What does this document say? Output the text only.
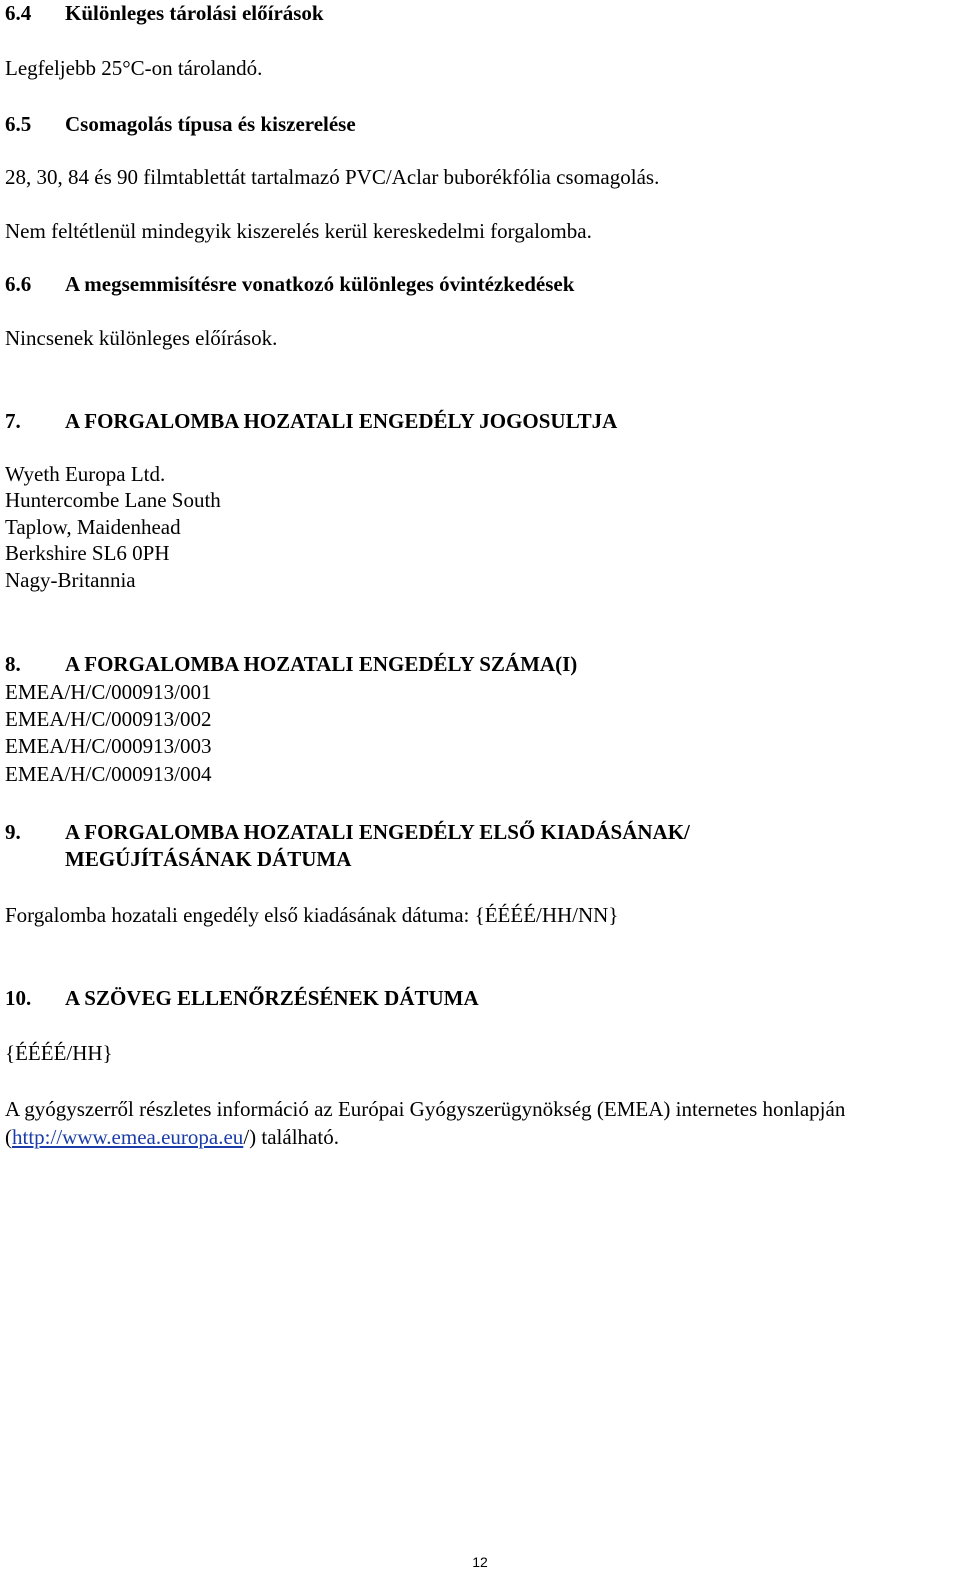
6.4 Különleges tárolási előírások
Legfeljebb 25°C-on tárolandó.
6.5 Csomagolás típusa és kiszerelése
28, 30, 84 és 90 filmtablettát tartalmazó PVC/Aclar buborékfólia csomagolás.
Nem feltétlenül mindegyik kiszerelés kerül kereskedelmi forgalomba.
6.6 A megsemmisítésre vonatkozó különleges óvintézkedések
Nincsenek különleges előírások.
7. A FORGALOMBA HOZATALI ENGEDÉLY JOGOSULTJA
Wyeth Europa Ltd.
Huntercombe Lane South
Taplow, Maidenhead
Berkshire SL6 0PH
Nagy-Britannia
8. A FORGALOMBA HOZATALI ENGEDÉLY SZÁMA(I)
EMEA/H/C/000913/001
EMEA/H/C/000913/002
EMEA/H/C/000913/003
EMEA/H/C/000913/004
9. A FORGALOMBA HOZATALI ENGEDÉLY ELSŐ KIADÁSÁNAK/
MEGÚJÍTÁSÁNAK DÁTUMA
Forgalomba hozatali engedély első kiadásának dátuma: {ÉÉÉÉ/HH/NN}
10. A SZÖVEG ELLENŐRZÉSÉNEK DÁTUMA
{ÉÉÉÉ/HH}
A gyógyszerről részletes információ az Európai Gyógyszerügynökség (EMEA) internetes honlapján
(http://www.emea.europa.eu/) található.
12
